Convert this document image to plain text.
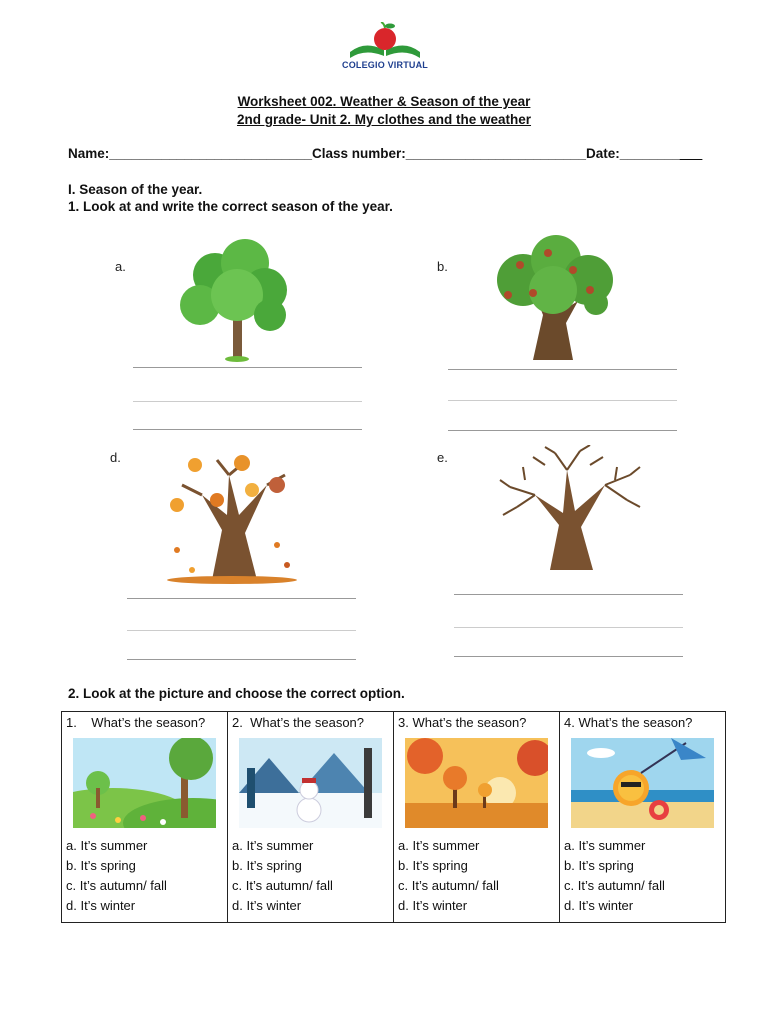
COLEGIO VIRTUAL
Worksheet 002. Weather & Season of the year
2nd grade- Unit 2. My clothes and the weather
Name:___________________________Class number:________________________Date:___________
I. Season of the year.
1. Look at and write the correct season of the year.
a.	b.
d.	e.
2. Look at the picture and choose the correct option.
1. What’s the season?
a. It’s summer
b. It’s spring
c. It’s autumn/ fall
d. It’s winter

2. What’s the season?
a. It’s summer
b. It’s spring
c. It’s autumn/ fall
d. It’s winter

3. What’s the season?
a. It’s summer
b. It’s spring
c. It’s autumn/ fall
d. It’s winter

4. What’s the season?
a. It’s summer
b. It’s spring
c. It’s autumn/ fall
d. It’s winter
